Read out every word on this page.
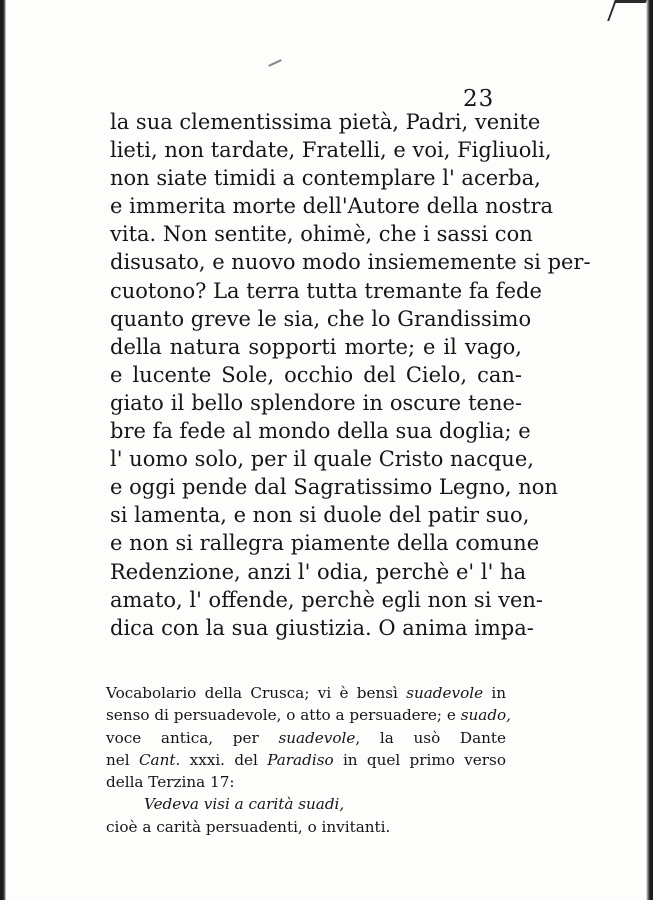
23
la sua clementissima pietà, Padri, venite
lieti, non tardate, Fratelli, e voi, Figliuoli,
non siate timidi a contemplare l' acerba,
e immerita morte dell'Autore della nostra
vita. Non sentite, ohimè, che i sassi con
disusato, e nuovo modo insiememente si per-
cuotono? La terra tutta tremante fa fede
quanto greve le sia, che lo Grandissimo
della natura sopporti morte; e il vago,
e lucente Sole, occhio del Cielo, can-
giato il bello splendore in oscure tene-
bre fa fede al mondo della sua doglia; e
l' uomo solo, per il quale Cristo nacque,
e oggi pende dal Sagratissimo Legno, non
si lamenta, e non si duole del patir suo,
e non si rallegra piamente della comune
Redenzione, anzi l' odia, perchè e' l' ha
amato, l' offende, perchè egli non si ven-
dica con la sua giustizia. O anima impa-
Vocabolario della Crusca; vi è bensì suadevole in
senso di persuadevole, o atto a persuadere; e suado,
voce antica, per suadevole, la usò Dante
nel Cant. xxxi. del Paradiso in quel primo verso
della Terzina 17:
Vedeva visi a carità suadi,
cioè a carità persuadenti, o invitanti.
